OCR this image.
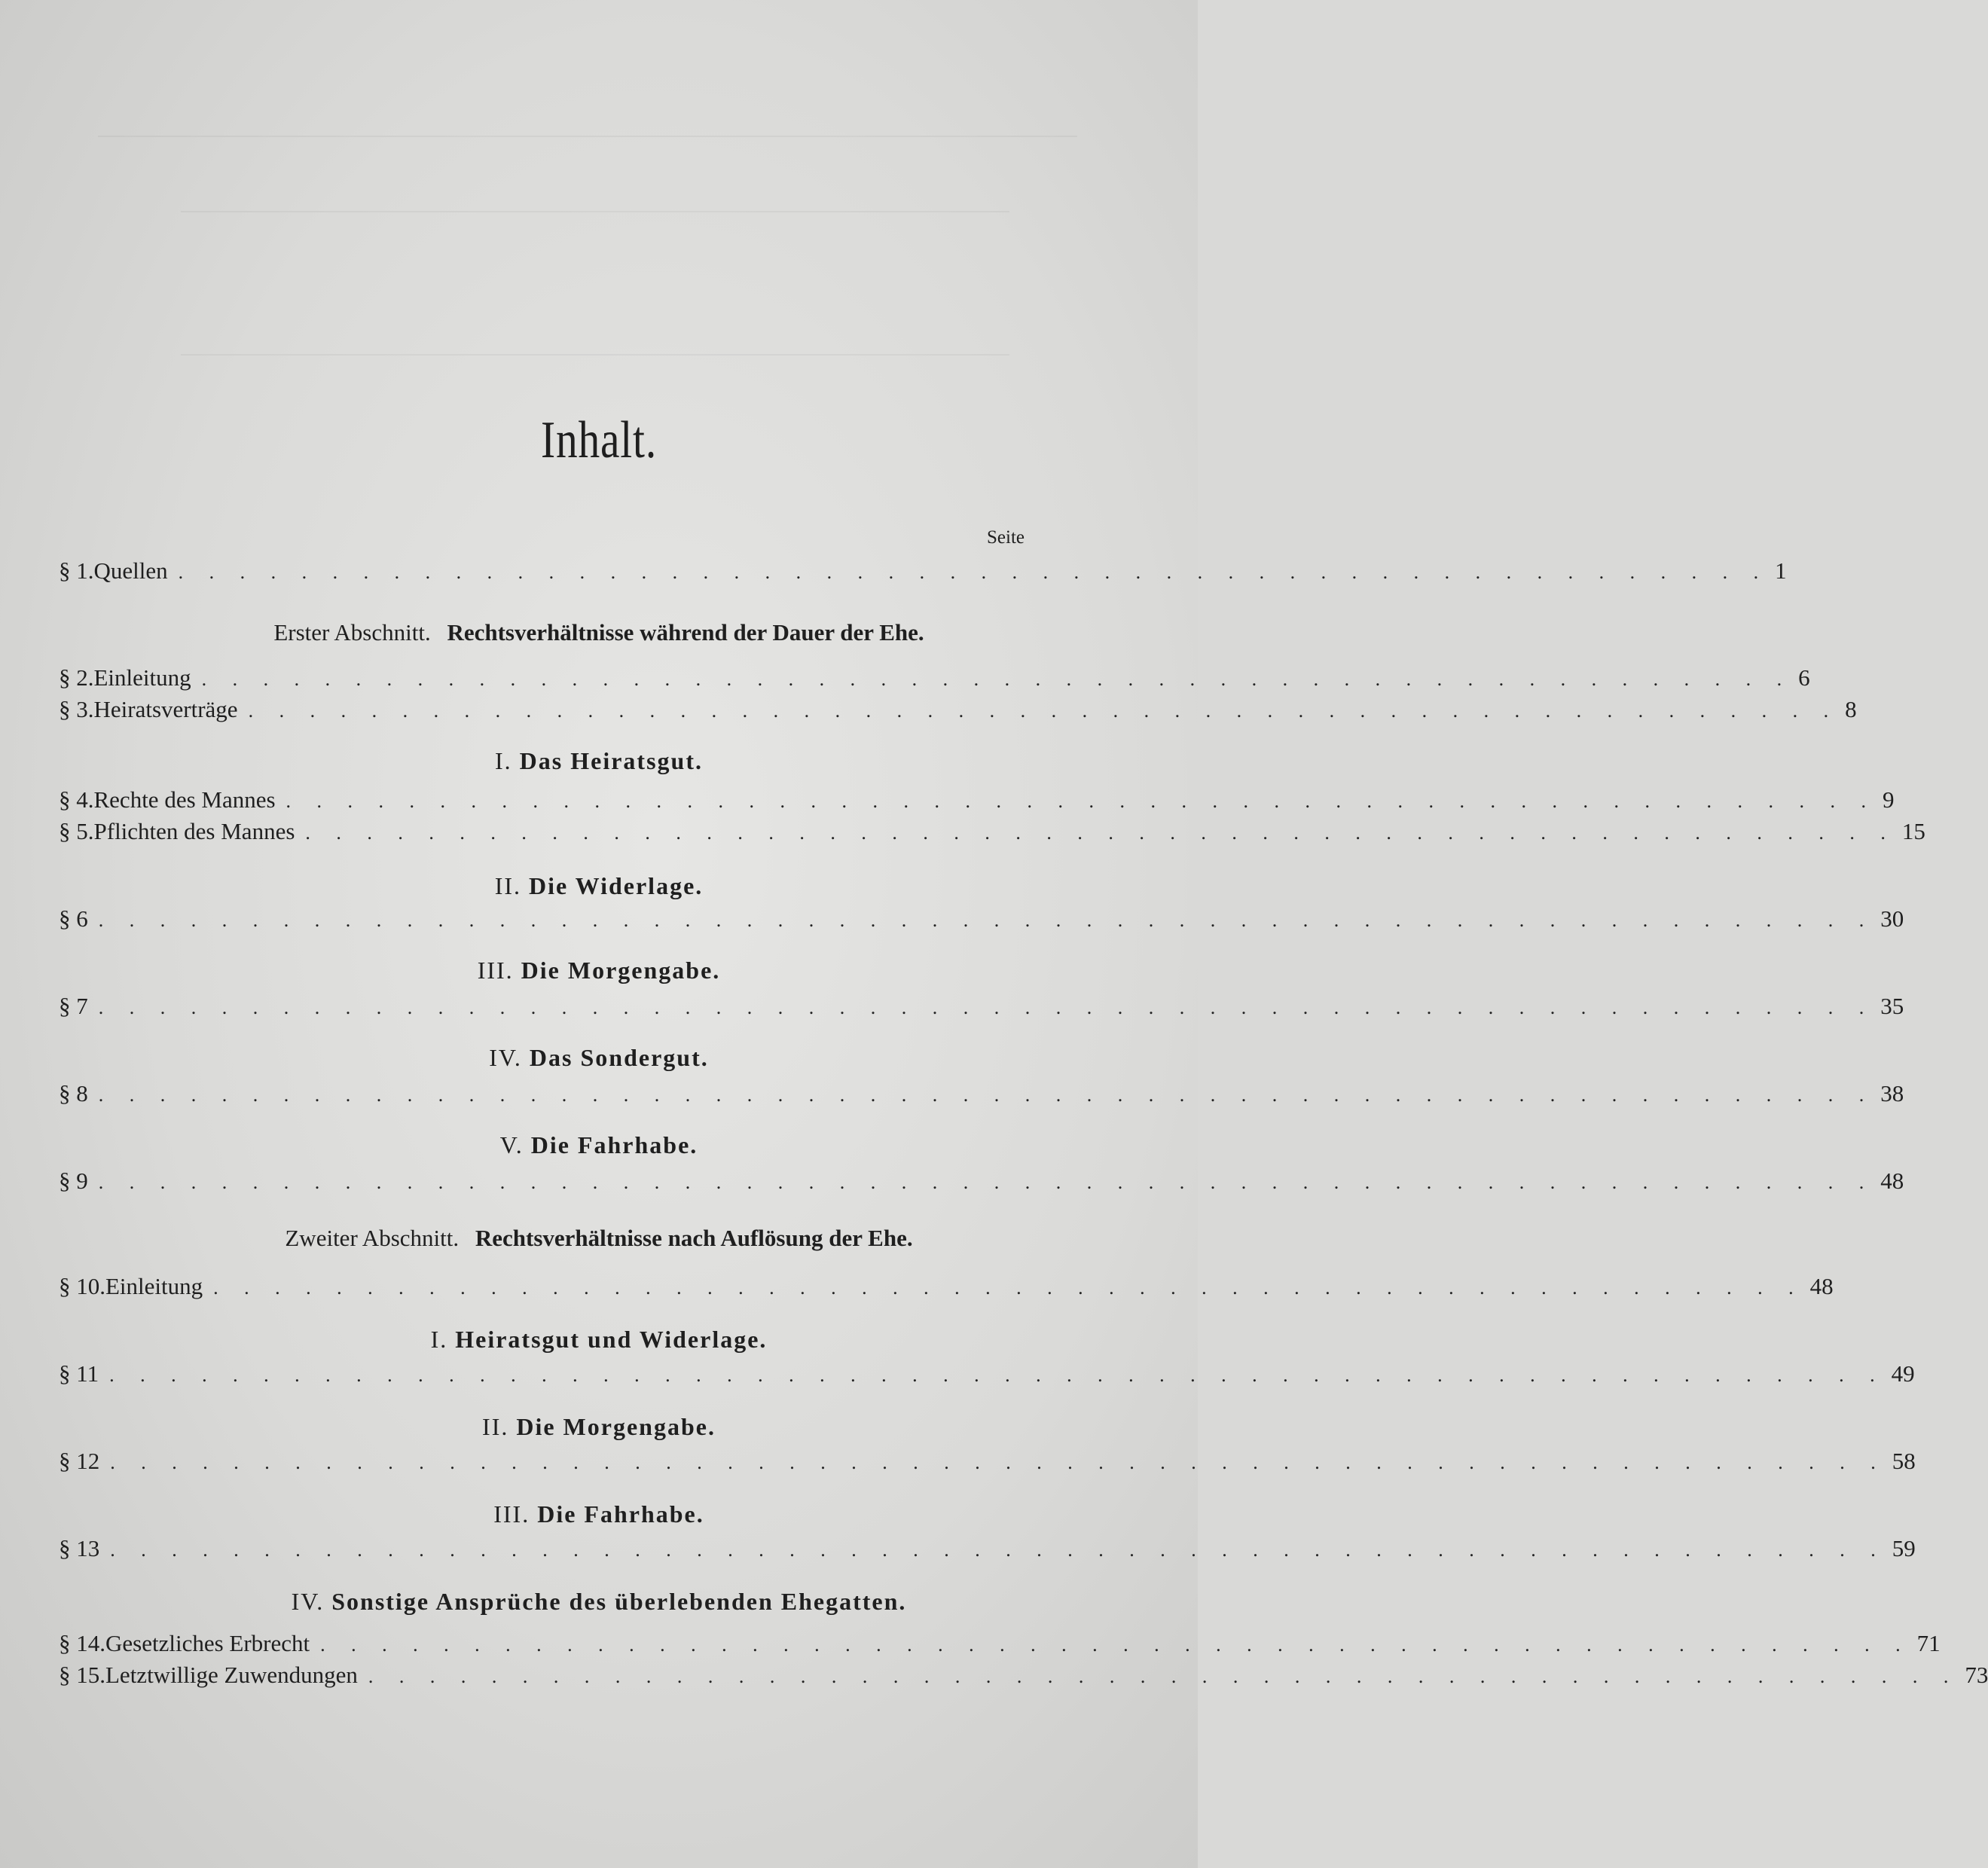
Inhalt.
Seite
§ 1. Quellen . . . . . . . . . . . . . . . . . . . . . . . . . . . . . . . . . . . . . . . . . . . . . . . . . . . . 1
Erster Abschnitt. Rechtsverhältnisse während der Dauer der Ehe.
§ 2. Einleitung . . . . . . . . . . . . . . . . . . . . . . . . . . . . . . . . . . . . . . . . . . . . . . . . . . . . 6
§ 3. Heiratsverträge . . . . . . . . . . . . . . . . . . . . . . . . . . . . . . . . . . . . . . . . . . . . . . . . . . . . 8
I. Das Heiratsgut.
§ 4. Rechte des Mannes . . . . . . . . . . . . . . . . . . . . . . . . . . . . . . . . . . . . . . . . . . . . . . . . . . . . 9
§ 5. Pflichten des Mannes . . . . . . . . . . . . . . . . . . . . . . . . . . . . . . . . . . . . . . . . . . . . . . . . . . . . 15
II. Die Widerlage.
§ 6 . . . . . . . . . . . . . . . . . . . . . . . . . . . . . . . . . . . . . . . . . . . . . . . . . . . . . . . . . . 30
III. Die Morgengabe.
§ 7 . . . . . . . . . . . . . . . . . . . . . . . . . . . . . . . . . . . . . . . . . . . . . . . . . . . . . . . . . . 35
IV. Das Sondergut.
§ 8 . . . . . . . . . . . . . . . . . . . . . . . . . . . . . . . . . . . . . . . . . . . . . . . . . . . . . . . . . . 38
V. Die Fahrhabe.
§ 9 . . . . . . . . . . . . . . . . . . . . . . . . . . . . . . . . . . . . . . . . . . . . . . . . . . . . . . . . . . 48
Zweiter Abschnitt. Rechtsverhältnisse nach Auflösung der Ehe.
§ 10. Einleitung . . . . . . . . . . . . . . . . . . . . . . . . . . . . . . . . . . . . . . . . . . . . . . . . . . . . 48
I. Heiratsgut und Widerlage.
§ 11 . . . . . . . . . . . . . . . . . . . . . . . . . . . . . . . . . . . . . . . . . . . . . . . . . . . . . . . . . . 49
II. Die Morgengabe.
§ 12 . . . . . . . . . . . . . . . . . . . . . . . . . . . . . . . . . . . . . . . . . . . . . . . . . . . . . . . . . . 58
III. Die Fahrhabe.
§ 13 . . . . . . . . . . . . . . . . . . . . . . . . . . . . . . . . . . . . . . . . . . . . . . . . . . . . . . . . . . 59
IV. Sonstige Ansprüche des überlebenden Ehegatten.
§ 14. Gesetzliches Erbrecht . . . . . . . . . . . . . . . . . . . . . . . . . . . . . . . . . . . . . . . . . . . . . . . . . . . . 71
§ 15. Letztwillige Zuwendungen . . . . . . . . . . . . . . . . . . . . . . . . . . . . . . . . . . . . . . . . . . . . . . . . . . . . 73
